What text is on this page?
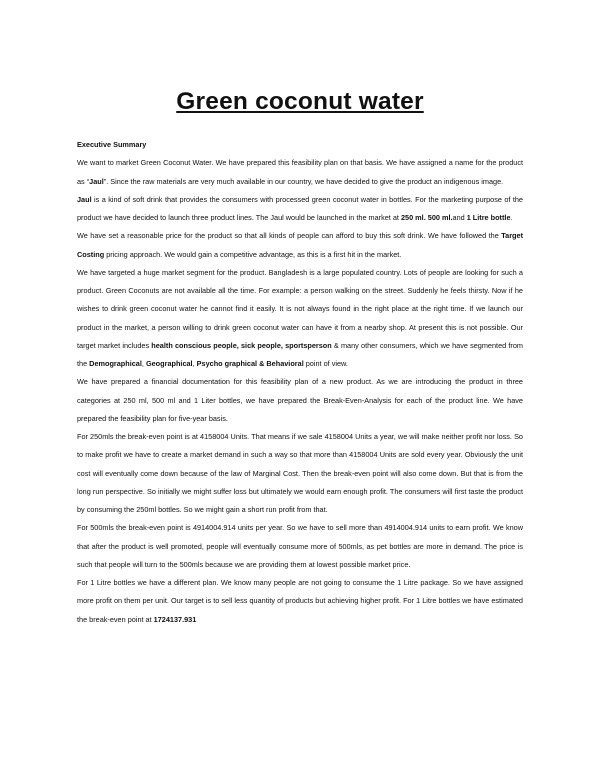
Green coconut water

Executive Summary

We want to market Green Coconut Water. We have prepared this feasibility plan on that basis. We have assigned a name for the product as “Jaul”. Since the raw materials are very much available in our country, we have decided to give the product an indigenous image.

Jaul is a kind of soft drink that provides the consumers with processed green coconut water in bottles. For the marketing purpose of the product we have decided to launch three product lines. The Jaul would be launched in the market at 250 ml. 500 ml.and 1 Litre bottle.

We have set a reasonable price for the product so that all kinds of people can afford to buy this soft drink. We have followed the Target Costing pricing approach. We would gain a competitive advantage, as this is a first hit in the market.

We have targeted a huge market segment for the product. Bangladesh is a large populated country. Lots of people are looking for such a product. Green Coconuts are not available all the time. For example: a person walking on the street. Suddenly he feels thirsty. Now if he wishes to drink green coconut water he cannot find it easily. It is not always found in the right place at the right time. If we launch our product in the market, a person willing to drink green coconut water can have it from a nearby shop. At present this is not possible. Our target market includes health conscious people, sick people, sportsperson & many other consumers, which we have segmented from the Demographical, Geographical, Psycho graphical & Behavioral point of view.

We have prepared a financial documentation for this feasibility plan of a new product. As we are introducing the product in three categories at 250 ml, 500 ml and 1 Liter bottles, we have prepared the Break-Even-Analysis for each of the product line. We have prepared the feasibility plan for five-year basis.

For 250mls the break-even point is at 4158004 Units. That means if we sale 4158004 Units a year, we will make neither profit nor loss. So to make profit we have to create a market demand in such a way so that more than 4158004 Units are sold every year. Obviously the unit cost will eventually come down because of the law of Marginal Cost. Then the break-even point will also come down. But that is from the long run perspective. So initially we might suffer loss but ultimately we would earn enough profit. The consumers will first taste the product by consuming the 250ml bottles. So we might gain a short run profit from that.

For 500mls the break-even point is 4914004.914 units per year. So we have to sell more than 4914004.914 units to earn profit. We know that after the product is well promoted, people will eventually consume more of 500mls, as pet bottles are more in demand. The price is such that people will turn to the 500mls because we are providing them at lowest possible market price.

For 1 Litre bottles we have a different plan. We know many people are not going to consume the 1 Litre package. So we have assigned more profit on them per unit. Our target is to sell less quantity of products but achieving higher profit. For 1 Litre bottles we have estimated the break-even point at 1724137.931
